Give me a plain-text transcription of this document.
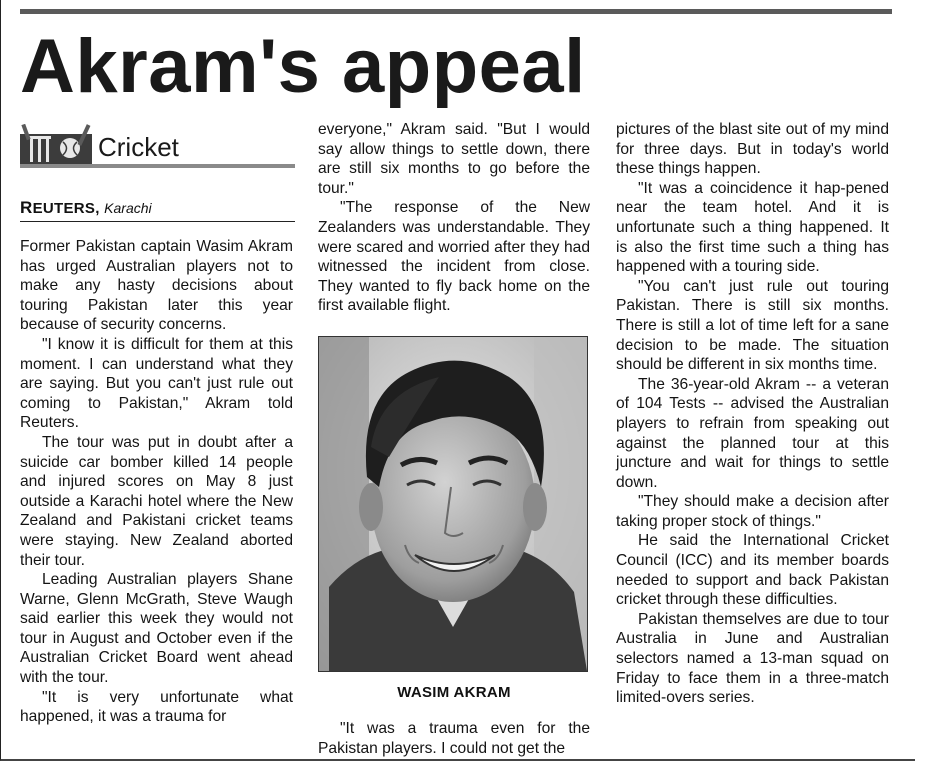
Akram's appeal
Cricket
REUTERS, Karachi

Former Pakistan captain Wasim Akram has urged Australian players not to make any hasty decisions about touring Pakistan later this year because of security concerns.

"I know it is difficult for them at this moment. I can understand what they are saying. But you can't just rule out coming to Pakistan," Akram told Reuters.

The tour was put in doubt after a suicide car bomber killed 14 people and injured scores on May 8 just outside a Karachi hotel where the New Zealand and Pakistani cricket teams were staying. New Zealand aborted their tour.

Leading Australian players Shane Warne, Glenn McGrath, Steve Waugh said earlier this week they would not tour in August and October even if the Australian Cricket Board went ahead with the tour.

"It is very unfortunate what happened, it was a trauma for

everyone," Akram said. "But I would say allow things to settle down, there are still six months to go before the tour."

"The response of the New Zealanders was understandable. They were scared and worried after they had witnessed the incident from close. They wanted to fly back home on the first available flight.

WASIM AKRAM

"It was a trauma even for the Pakistan players. I could not get the

pictures of the blast site out of my mind for three days. But in today's world these things happen.

"It was a coincidence it hap-pened near the team hotel. And it is unfortunate such a thing happened. It is also the first time such a thing has happened with a touring side.

"You can't just rule out touring Pakistan. There is still six months. There is still a lot of time left for a sane decision to be made. The situation should be different in six months time.

The 36-year-old Akram -- a veteran of 104 Tests -- advised the Australian players to refrain from speaking out against the planned tour at this juncture and wait for things to settle down.

"They should make a decision after taking proper stock of things."

He said the International Cricket Council (ICC) and its member boards needed to support and back Pakistan cricket through these difficulties.

Pakistan themselves are due to tour Australia in June and Australian selectors named a 13-man squad on Friday to face them in a three-match limited-overs series.
